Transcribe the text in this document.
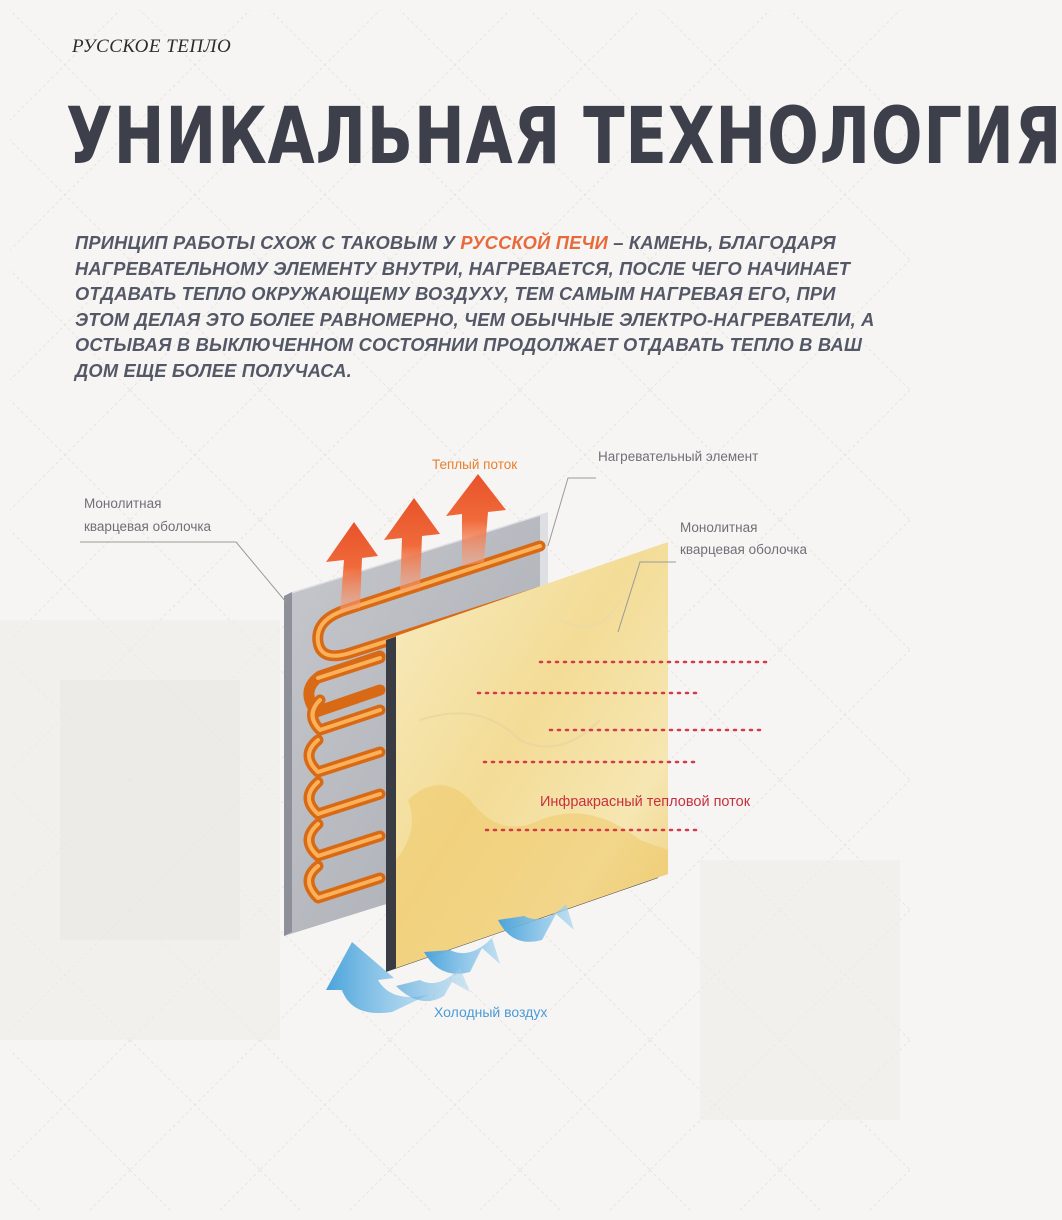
РУССКОЕ ТЕПЛО
УНИКАЛЬНАЯ ТЕХНОЛОГИЯ
ПРИНЦИП РАБОТЫ СХОЖ С ТАКОВЫМ У РУССКОЙ ПЕЧИ – КАМЕНЬ, БЛАГОДАРЯ НАГРЕВАТЕЛЬНОМУ ЭЛЕМЕНТУ ВНУТРИ, НАГРЕВАЕТСЯ, ПОСЛЕ ЧЕГО НАЧИНАЕТ ОТДАВАТЬ ТЕПЛО ОКРУЖАЮЩЕМУ ВОЗДУХУ, ТЕМ САМЫМ НАГРЕВАЯ ЕГО, ПРИ ЭТОМ ДЕЛАЯ ЭТО БОЛЕЕ РАВНОМЕРНО, ЧЕМ ОБЫЧНЫЕ ЭЛЕКТРО-НАГРЕВАТЕЛИ, А ОСТЫВАЯ В ВЫКЛЮЧЕННОМ СОСТОЯНИИ ПРОДОЛЖАЕТ ОТДАВАТЬ ТЕПЛО В ВАШ ДОМ ЕЩЕ БОЛЕЕ ПОЛУЧАСА.
Теплый поток
Нагревательный элемент
Монолитная
кварцевая оболочка	Монолитная
кварцевая оболочка
Инфракрасный тепловой поток
Холодный воздух
